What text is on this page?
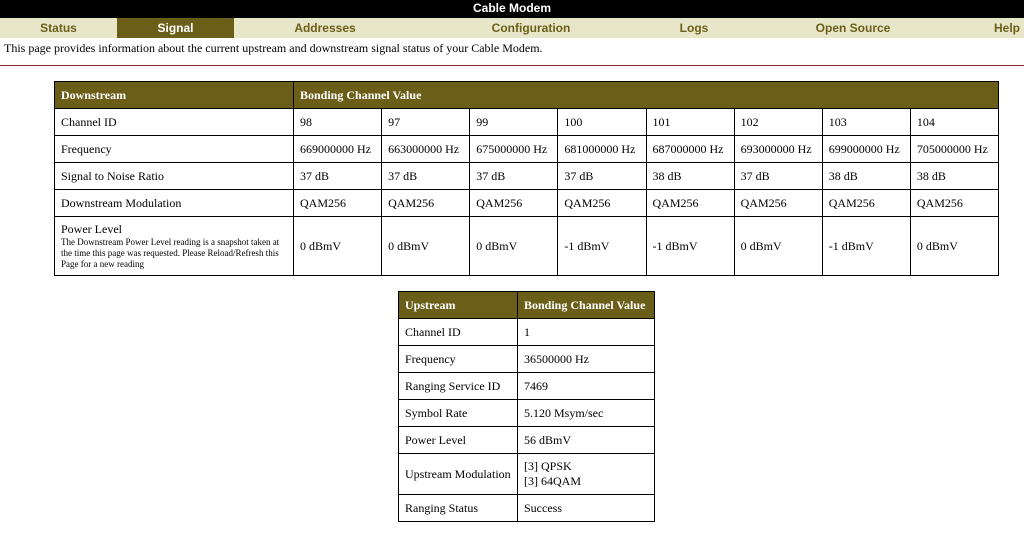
Cable Modem
Status	Signal	Addresses	Configuration	Logs	Open Source	Help
This page provides information about the current upstream and downstream signal status of your Cable Modem.
Downstream	Bonding Channel Value							
Channel ID	98	97	99	100	101	102	103	104
Frequency	669000000 Hz	663000000 Hz	675000000 Hz	681000000 Hz	687000000 Hz	693000000 Hz	699000000 Hz	705000000 Hz
Signal to Noise Ratio	37 dB	37 dB	37 dB	37 dB	38 dB	37 dB	38 dB	38 dB
Downstream Modulation	QAM256	QAM256	QAM256	QAM256	QAM256	QAM256	QAM256	QAM256

Power Level
The Downstream Power Level reading is a snapshot taken at the time this page was requested. Please Reload/Refresh this Page for a new reading	0 dBmV	0 dBmV	0 dBmV	-1 dBmV	-1 dBmV	0 dBmV	-1 dBmV	0 dBmV
Upstream	Bonding Channel Value
Channel ID	1
Frequency	36500000 Hz
Ranging Service ID	7469
Symbol Rate	5.120 Msym/sec
Power Level	56 dBmV
Upstream Modulation	[3] QPSK
[3] 64QAM

Ranging Status	Success
